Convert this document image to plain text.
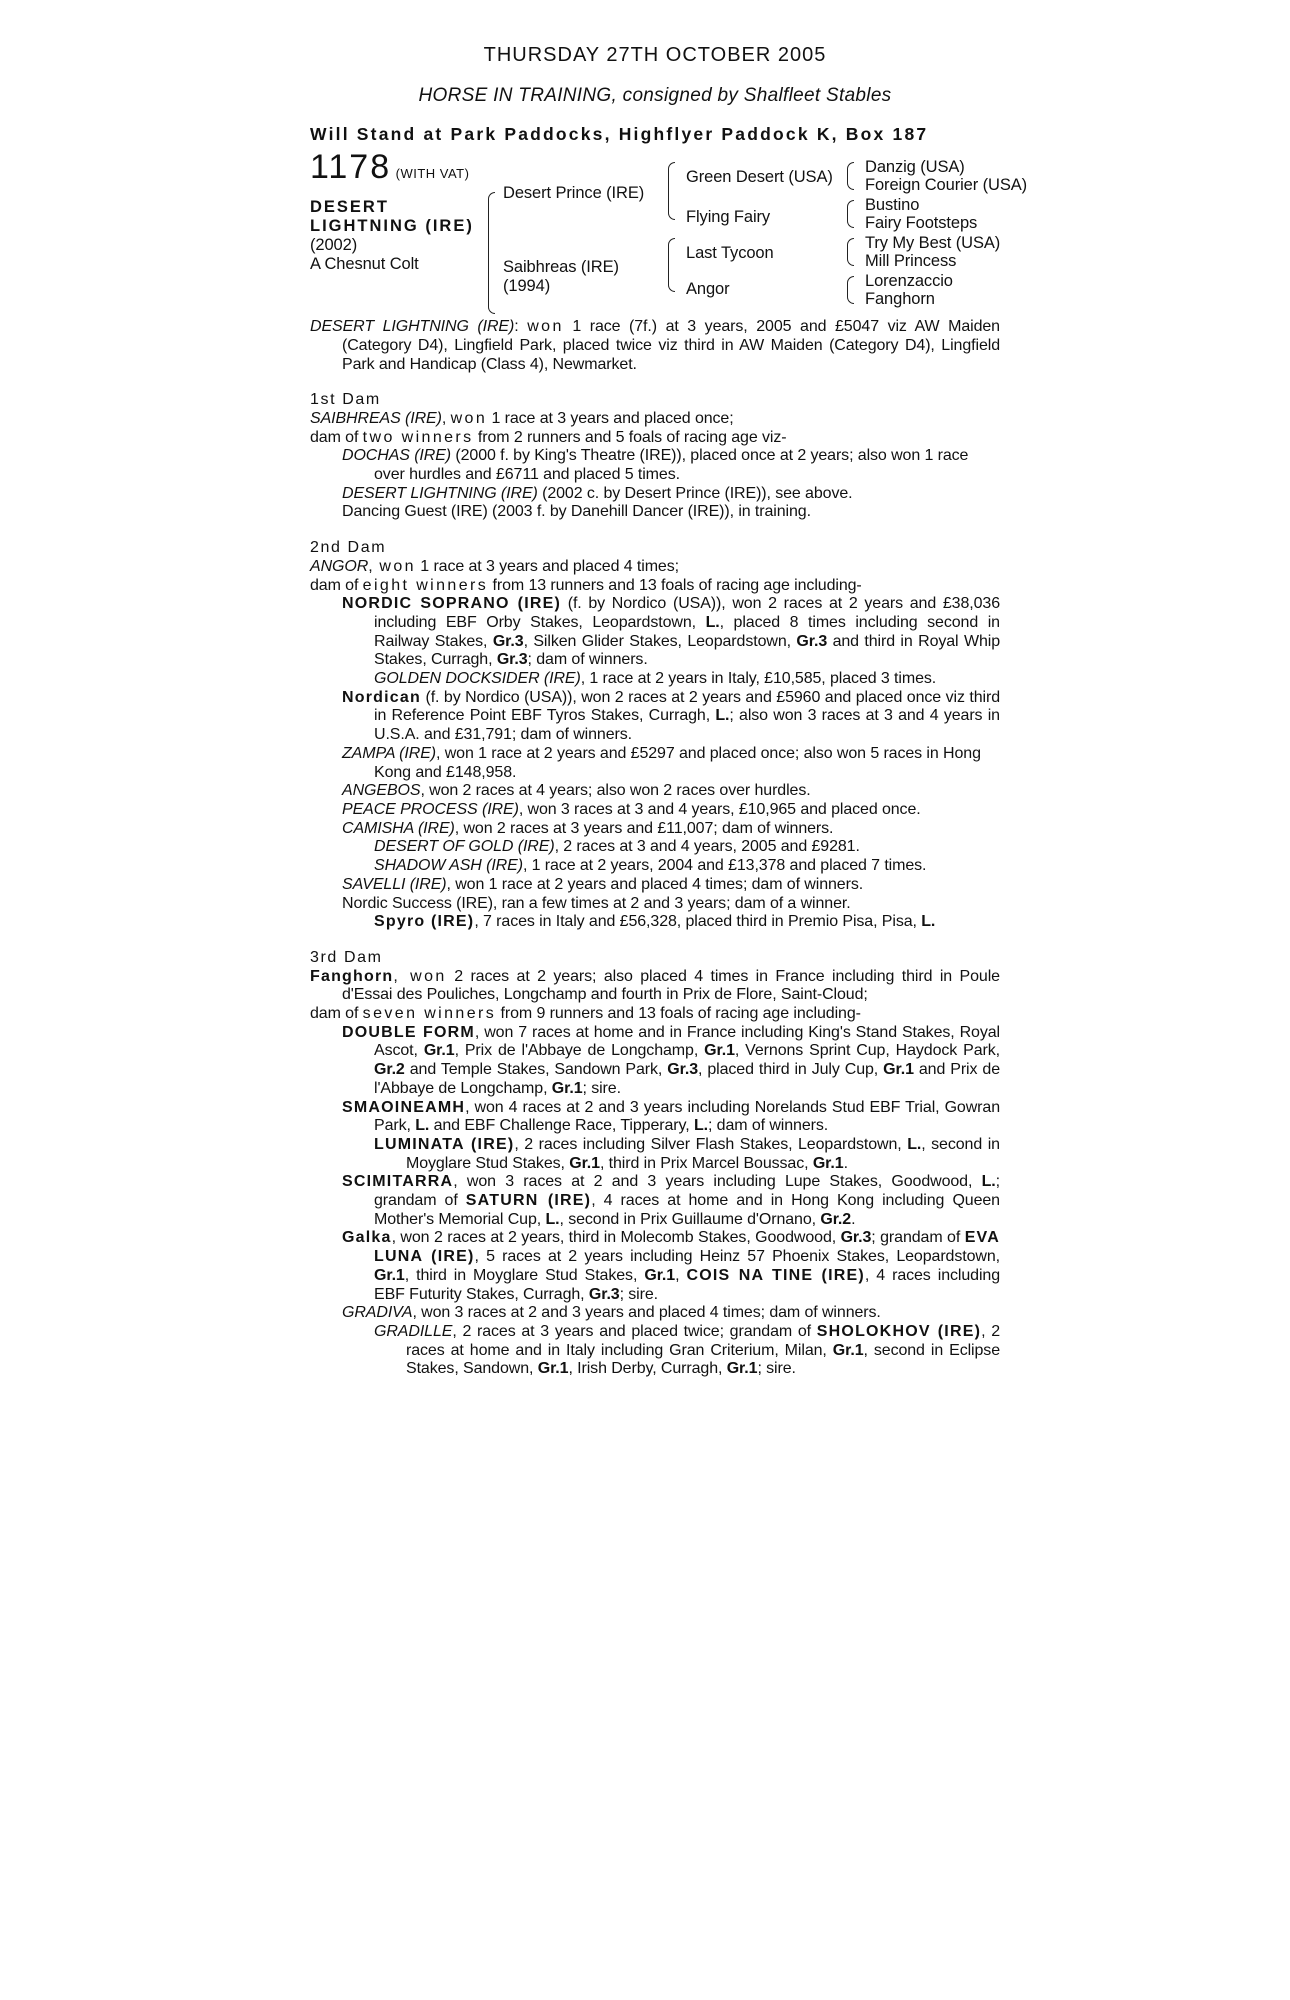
THURSDAY 27TH OCTOBER 2005
HORSE IN TRAINING, consigned by Shalfleet Stables
Will Stand at Park Paddocks, Highflyer Paddock K, Box 187
1178 (WITH VAT)
DESERT
LIGHTNING (IRE)
(2002)
A Chesnut Colt
Desert Prince (IRE)
Saibhreas (IRE)
(1994)
Green Desert (USA)
Flying Fairy
Last Tycoon
Angor
Danzig (USA)
Foreign Courier (USA)
Bustino
Fairy Footsteps
Try My Best (USA)
Mill Princess
Lorenzaccio
Fanghorn

DESERT LIGHTNING (IRE): won 1 race (7f.) at 3 years, 2005 and £5047 viz AW Maiden (Category D4), Lingfield Park, placed twice viz third in AW Maiden (Category D4), Lingfield Park and Handicap (Class 4), Newmarket.

1st Dam

SAIBHREAS (IRE), won 1 race at 3 years and placed once;

dam of two winners from 2 runners and 5 foals of racing age viz-

DOCHAS (IRE) (2000 f. by King's Theatre (IRE)), placed once at 2 years; also won 1 race over hurdles and £6711 and placed 5 times.

DESERT LIGHTNING (IRE) (2002 c. by Desert Prince (IRE)), see above.

Dancing Guest (IRE) (2003 f. by Danehill Dancer (IRE)), in training.

2nd Dam

ANGOR, won 1 race at 3 years and placed 4 times;

dam of eight winners from 13 runners and 13 foals of racing age including-

NORDIC SOPRANO (IRE) (f. by Nordico (USA)), won 2 races at 2 years and £38,036 including EBF Orby Stakes, Leopardstown, L., placed 8 times including second in Railway Stakes, Gr.3, Silken Glider Stakes, Leopardstown, Gr.3 and third in Royal Whip Stakes, Curragh, Gr.3; dam of winners.

GOLDEN DOCKSIDER (IRE), 1 race at 2 years in Italy, £10,585, placed 3 times.

Nordican (f. by Nordico (USA)), won 2 races at 2 years and £5960 and placed once viz third in Reference Point EBF Tyros Stakes, Curragh, L.; also won 3 races at 3 and 4 years in U.S.A. and £31,791; dam of winners.

ZAMPA (IRE), won 1 race at 2 years and £5297 and placed once; also won 5 races in Hong Kong and £148,958.

ANGEBOS, won 2 races at 4 years; also won 2 races over hurdles.

PEACE PROCESS (IRE), won 3 races at 3 and 4 years, £10,965 and placed once.

CAMISHA (IRE), won 2 races at 3 years and £11,007; dam of winners.

DESERT OF GOLD (IRE), 2 races at 3 and 4 years, 2005 and £9281.

SHADOW ASH (IRE), 1 race at 2 years, 2004 and £13,378 and placed 7 times.

SAVELLI (IRE), won 1 race at 2 years and placed 4 times; dam of winners.

Nordic Success (IRE), ran a few times at 2 and 3 years; dam of a winner.

Spyro (IRE), 7 races in Italy and £56,328, placed third in Premio Pisa, Pisa, L.

3rd Dam

Fanghorn, won 2 races at 2 years; also placed 4 times in France including third in Poule d'Essai des Pouliches, Longchamp and fourth in Prix de Flore, Saint-Cloud;

dam of seven winners from 9 runners and 13 foals of racing age including-

DOUBLE FORM, won 7 races at home and in France including King's Stand Stakes, Royal Ascot, Gr.1, Prix de l'Abbaye de Longchamp, Gr.1, Vernons Sprint Cup, Haydock Park, Gr.2 and Temple Stakes, Sandown Park, Gr.3, placed third in July Cup, Gr.1 and Prix de l'Abbaye de Longchamp, Gr.1; sire.

SMAOINEAMH, won 4 races at 2 and 3 years including Norelands Stud EBF Trial, Gowran Park, L. and EBF Challenge Race, Tipperary, L.; dam of winners.

LUMINATA (IRE), 2 races including Silver Flash Stakes, Leopardstown, L., second in Moyglare Stud Stakes, Gr.1, third in Prix Marcel Boussac, Gr.1.

SCIMITARRA, won 3 races at 2 and 3 years including Lupe Stakes, Goodwood, L.; grandam of SATURN (IRE), 4 races at home and in Hong Kong including Queen Mother's Memorial Cup, L., second in Prix Guillaume d'Ornano, Gr.2.

Galka, won 2 races at 2 years, third in Molecomb Stakes, Goodwood, Gr.3; grandam of EVA LUNA (IRE), 5 races at 2 years including Heinz 57 Phoenix Stakes, Leopardstown, Gr.1, third in Moyglare Stud Stakes, Gr.1, COIS NA TINE (IRE), 4 races including EBF Futurity Stakes, Curragh, Gr.3; sire.

GRADIVA, won 3 races at 2 and 3 years and placed 4 times; dam of winners.

GRADILLE, 2 races at 3 years and placed twice; grandam of SHOLOKHOV (IRE), 2 races at home and in Italy including Gran Criterium, Milan, Gr.1, second in Eclipse Stakes, Sandown, Gr.1, Irish Derby, Curragh, Gr.1; sire.
